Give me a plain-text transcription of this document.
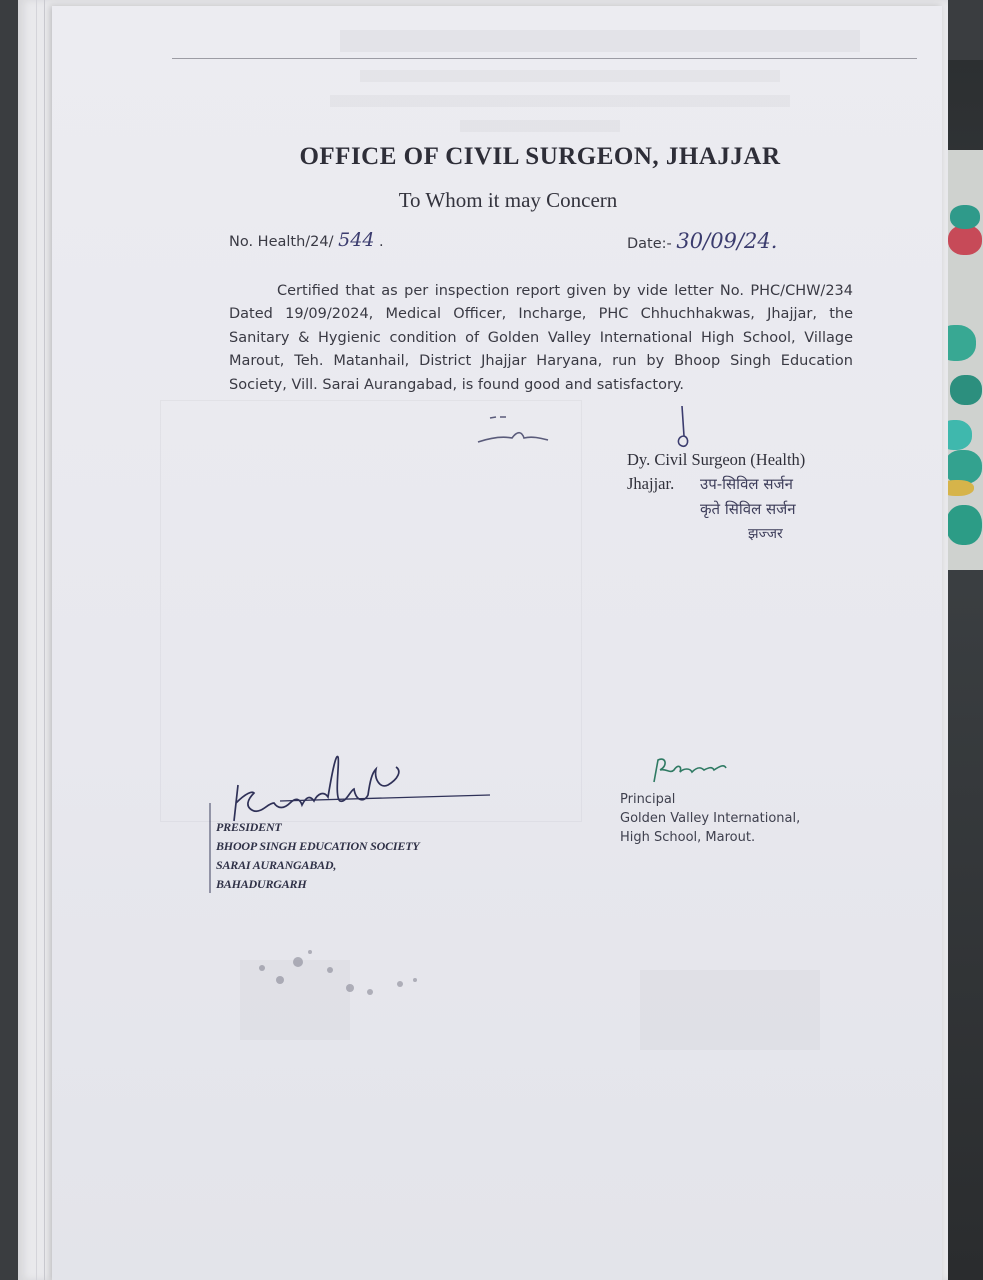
OFFICE OF CIVIL SURGEON, JHAJJAR
To Whom it may Concern
No. Health/24/ 544 .	Date:- 30/09/24.

Certified that as per inspection report given by vide letter No. PHC/CHW/234 Dated 19/09/2024, Medical Officer, Incharge, PHC Chhuchhakwas, Jhajjar, the Sanitary & Hygienic condition of Golden Valley International High School, Village Marout, Teh. Matanhail, District Jhajjar Haryana, run by Bhoop Singh Education Society, Vill. Sarai Aurangabad, is found good and satisfactory.

Dy. Civil Surgeon (Health)
Jhajjar.	उप-सिविल सर्जन
कृते सिविल सर्जन
झज्जर
PRESIDENT
BHOOP SINGH EDUCATION SOCIETY
SARAI AURANGABAD,
BAHADURGARH
Principal
Golden Valley International,
High School, Marout.
